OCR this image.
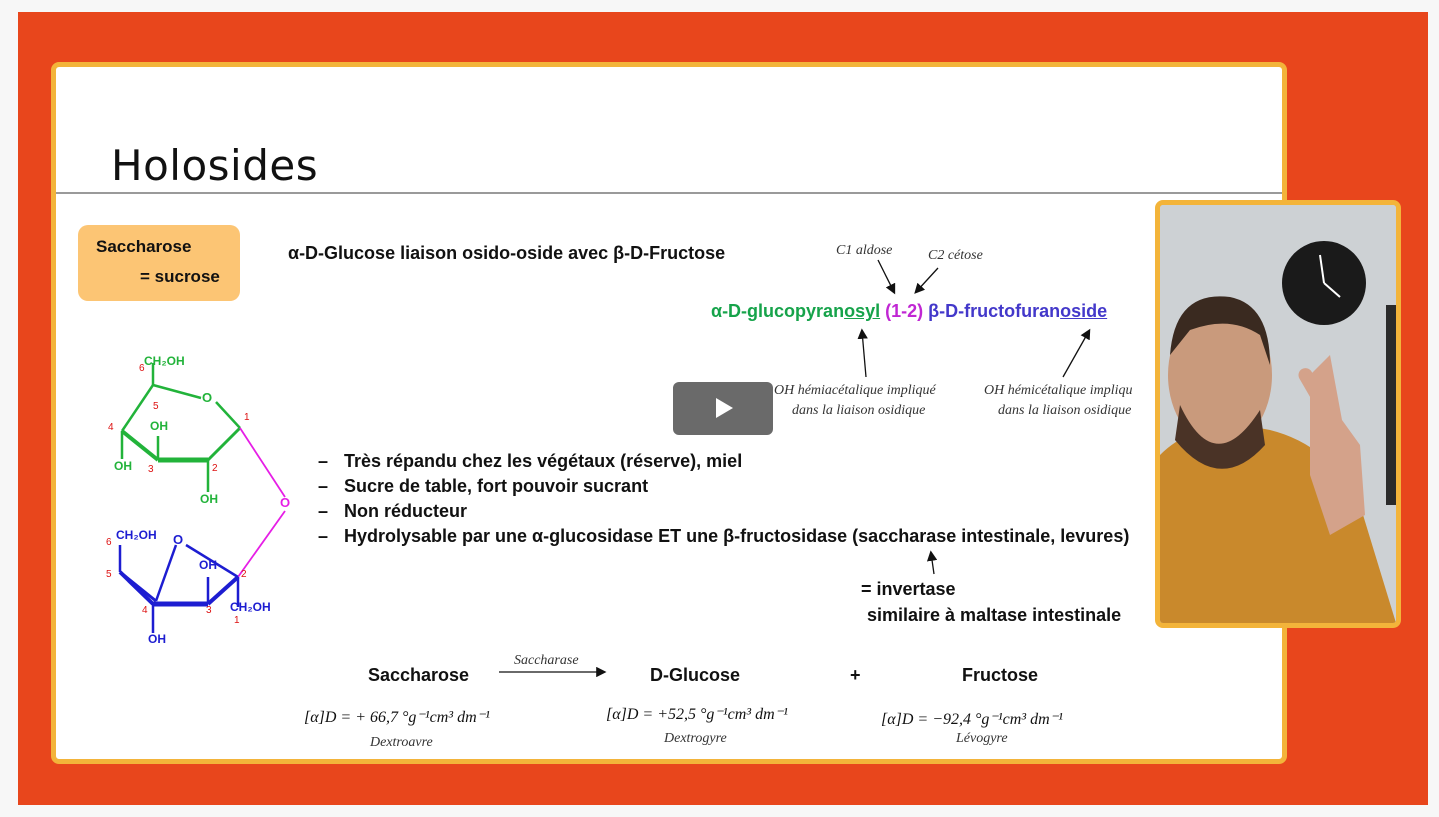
Holosides
Saccharose
= sucrose
α-D-Glucose liaison osido-oside avec β-D-Fructose	C1 aldose	C2 cétose
α-D-glucopyranosyl (1-2) β-D-fructofuranoside
OH hémiacétalique impliqué
dans la liaison osidique
OH hémicétalique impliqu
dans la liaison osidique
CH₂OH
6
O
5
1
4	OH
OH 3	2
OH	O
CH₂OH
6	O
OH
5	2
4	3 CH₂OH
1
OH
– Très répandu chez les végétaux (réserve), miel
– Sucre de table, fort pouvoir sucrant
– Non réducteur
– Hydrolysable par une α-glucosidase ET une β-fructosidase (saccharase intestinale, levures)
= invertase
similaire à maltase intestinale
Saccharose
Saccharase
D-Glucose	+	Fructose
[α]D = + 66,7 °g⁻¹cm³ dm⁻¹	[α]D = +52,5 °g⁻¹cm³ dm⁻¹	[α]D = −92,4 °g⁻¹cm³ dm⁻¹
Dextroavre	Dextrogyre	Lévogyre
